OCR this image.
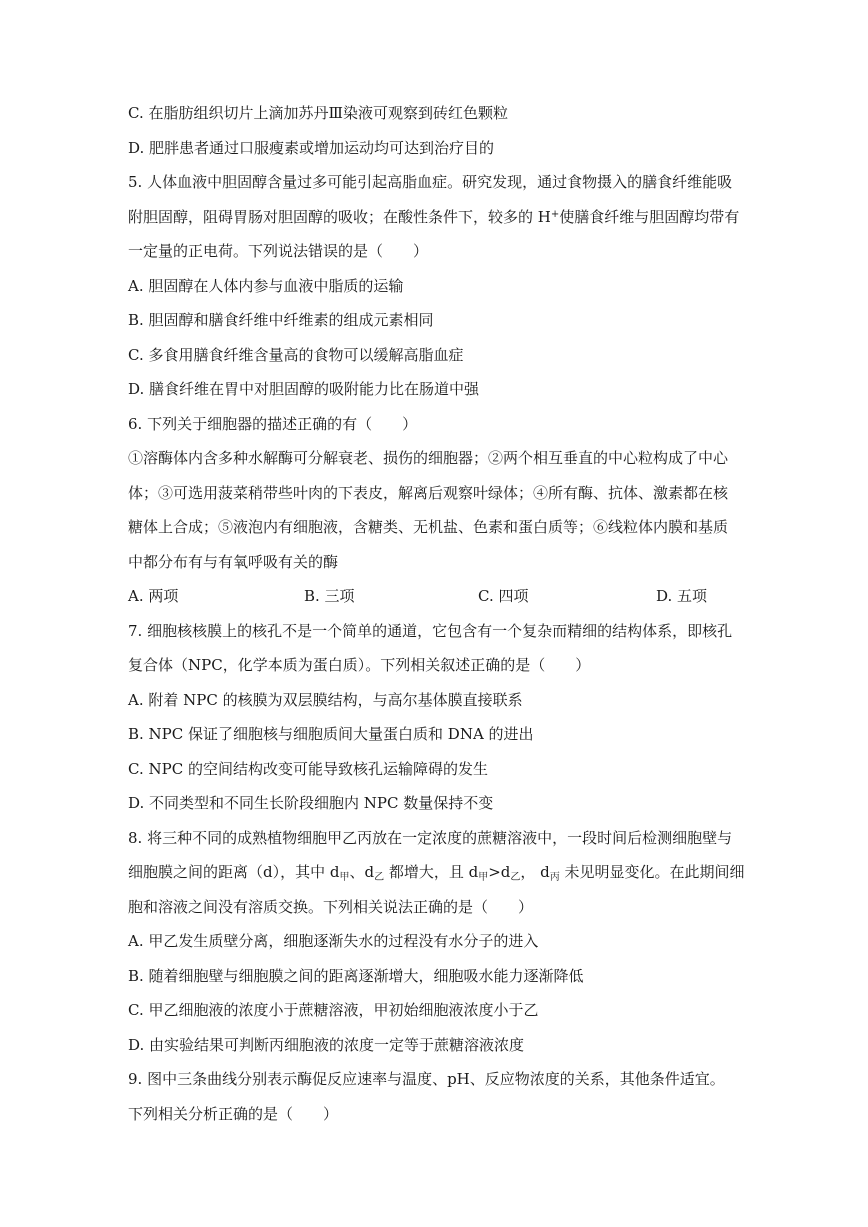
C. 在脂肪组织切片上滴加苏丹Ⅲ染液可观察到砖红色颗粒
D. 肥胖患者通过口服瘦素或增加运动均可达到治疗目的
5. 人体血液中胆固醇含量过多可能引起高脂血症。研究发现，通过食物摄入的膳食纤维能吸
附胆固醇，阻碍胃肠对胆固醇的吸收；在酸性条件下，较多的 H+使膳食纤维与胆固醇均带有
一定量的正电荷。下列说法错误的是（　　）
A. 胆固醇在人体内参与血液中脂质的运输
B. 胆固醇和膳食纤维中纤维素的组成元素相同
C. 多食用膳食纤维含量高的食物可以缓解高脂血症
D. 膳食纤维在胃中对胆固醇的吸附能力比在肠道中强
6. 下列关于细胞器的描述正确的有（　　）
①溶酶体内含多种水解酶可分解衰老、损伤的细胞器；②两个相互垂直的中心粒构成了中心
体；③可选用菠菜稍带些叶肉的下表皮，解离后观察叶绿体；④所有酶、抗体、激素都在核
糖体上合成；⑤液泡内有细胞液，含糖类、无机盐、色素和蛋白质等；⑥线粒体内膜和基质
中都分布有与有氧呼吸有关的酶
A. 两项	B. 三项	C. 四项	D. 五项
7. 细胞核核膜上的核孔不是一个简单的通道，它包含有一个复杂而精细的结构体系，即核孔
复合体（NPC，化学本质为蛋白质）。下列相关叙述正确的是（　　）
A. 附着 NPC 的核膜为双层膜结构，与高尔基体膜直接联系
B. NPC 保证了细胞核与细胞质间大量蛋白质和 DNA 的进出
C. NPC 的空间结构改变可能导致核孔运输障碍的发生
D. 不同类型和不同生长阶段细胞内 NPC 数量保持不变
8. 将三种不同的成熟植物细胞甲乙丙放在一定浓度的蔗糖溶液中，一段时间后检测细胞壁与
细胞膜之间的距离（d），其中 $d_甲$、$d_乙$ 都增大，且 $d_甲>d_乙$， $d_丙$ 未见明显变化。在此期间细
胞和溶液之间没有溶质交换。下列相关说法正确的是（　　）
A. 甲乙发生质壁分离，细胞逐渐失水的过程没有水分子的进入
B. 随着细胞壁与细胞膜之间的距离逐渐增大，细胞吸水能力逐渐降低
C. 甲乙细胞液的浓度小于蔗糖溶液，甲初始细胞液浓度小于乙
D. 由实验结果可判断丙细胞液的浓度一定等于蔗糖溶液浓度
9. 图中三条曲线分别表示酶促反应速率与温度、pH、反应物浓度的关系，其他条件适宜。
下列相关分析正确的是（　　）
